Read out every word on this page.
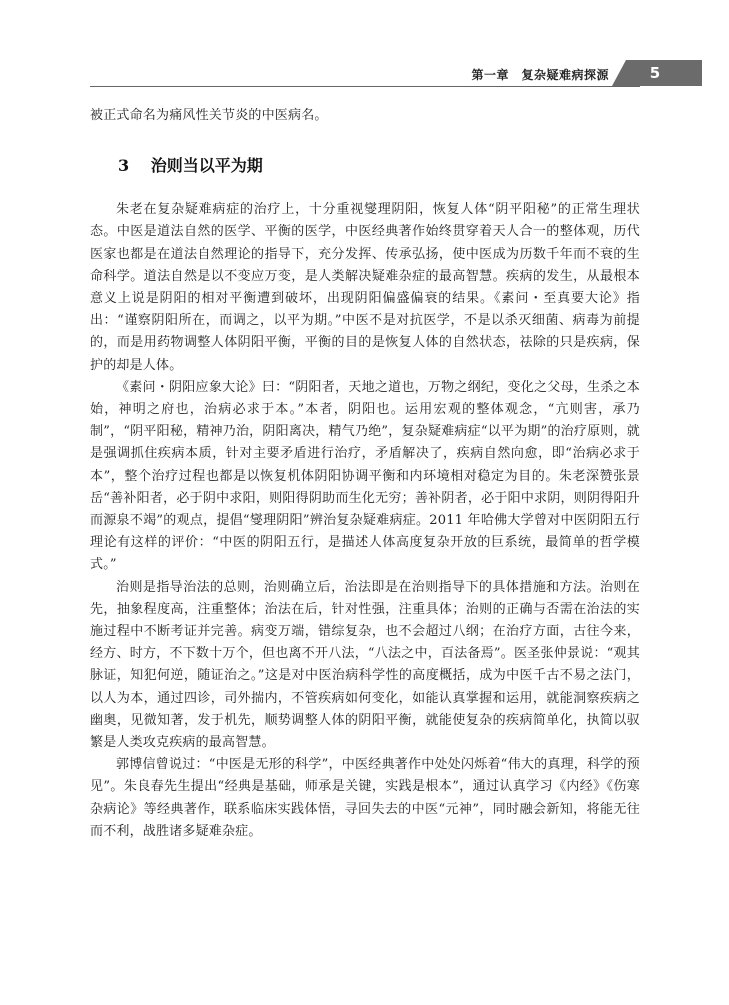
第一章　复杂疑难病探源	5

被正式命名为痛风性关节炎的中医病名。

3 治则当以平为期

朱老在复杂疑难病症的治疗上，十分重视燮理阴阳，恢复人体“阴平阳秘”的正常生理状态。中医是道法自然的医学、平衡的医学，中医经典著作始终贯穿着天人合一的整体观，历代医家也都是在道法自然理论的指导下，充分发挥、传承弘扬，使中医成为历数千年而不衰的生命科学。道法自然是以不变应万变，是人类解决疑难杂症的最高智慧。疾病的发生，从最根本意义上说是阴阳的相对平衡遭到破坏，出现阴阳偏盛偏衰的结果。《素问・至真要大论》指出：“谨察阴阳所在，而调之，以平为期。”中医不是对抗医学，不是以杀灭细菌、病毒为前提的，而是用药物调整人体阴阳平衡，平衡的目的是恢复人体的自然状态，祛除的只是疾病，保护的却是人体。

《素问・阴阳应象大论》曰：“阴阳者，天地之道也，万物之纲纪，变化之父母，生杀之本始，神明之府也，治病必求于本。”本者，阴阳也。运用宏观的整体观念，“亢则害，承乃制”，“阴平阳秘，精神乃治，阴阳离决，精气乃绝”，复杂疑难病症“以平为期”的治疗原则，就是强调抓住疾病本质，针对主要矛盾进行治疗，矛盾解决了，疾病自然向愈，即“治病必求于本”，整个治疗过程也都是以恢复机体阴阳协调平衡和内环境相对稳定为目的。朱老深赞张景岳“善补阳者，必于阴中求阳，则阳得阴助而生化无穷；善补阴者，必于阳中求阴，则阴得阳升而源泉不竭”的观点，提倡“燮理阴阳”辨治复杂疑难病症。2011 年哈佛大学曾对中医阴阳五行理论有这样的评价：“中医的阴阳五行，是描述人体高度复杂开放的巨系统，最简单的哲学模式。”

治则是指导治法的总则，治则确立后，治法即是在治则指导下的具体措施和方法。治则在先，抽象程度高，注重整体；治法在后，针对性强，注重具体；治则的正确与否需在治法的实施过程中不断考证并完善。病变万端，错综复杂，也不会超过八纲；在治疗方面，古往今来，经方、时方，不下数十万个，但也离不开八法，“八法之中，百法备焉”。医圣张仲景说：“观其脉证，知犯何逆，随证治之。”这是对中医治病科学性的高度概括，成为中医千古不易之法门，以人为本，通过四诊，司外揣内，不管疾病如何变化，如能认真掌握和运用，就能洞察疾病之幽奥，见微知著，发于机先，顺势调整人体的阴阳平衡，就能使复杂的疾病简单化，执简以驭繁是人类攻克疾病的最高智慧。

郭博信曾说过：“中医是无形的科学”，中医经典著作中处处闪烁着“伟大的真理，科学的预见”。朱良春先生提出“经典是基础，师承是关键，实践是根本”，通过认真学习《内经》《伤寒杂病论》等经典著作，联系临床实践体悟，寻回失去的中医“元神”，同时融会新知，将能无往而不利，战胜诸多疑难杂症。
